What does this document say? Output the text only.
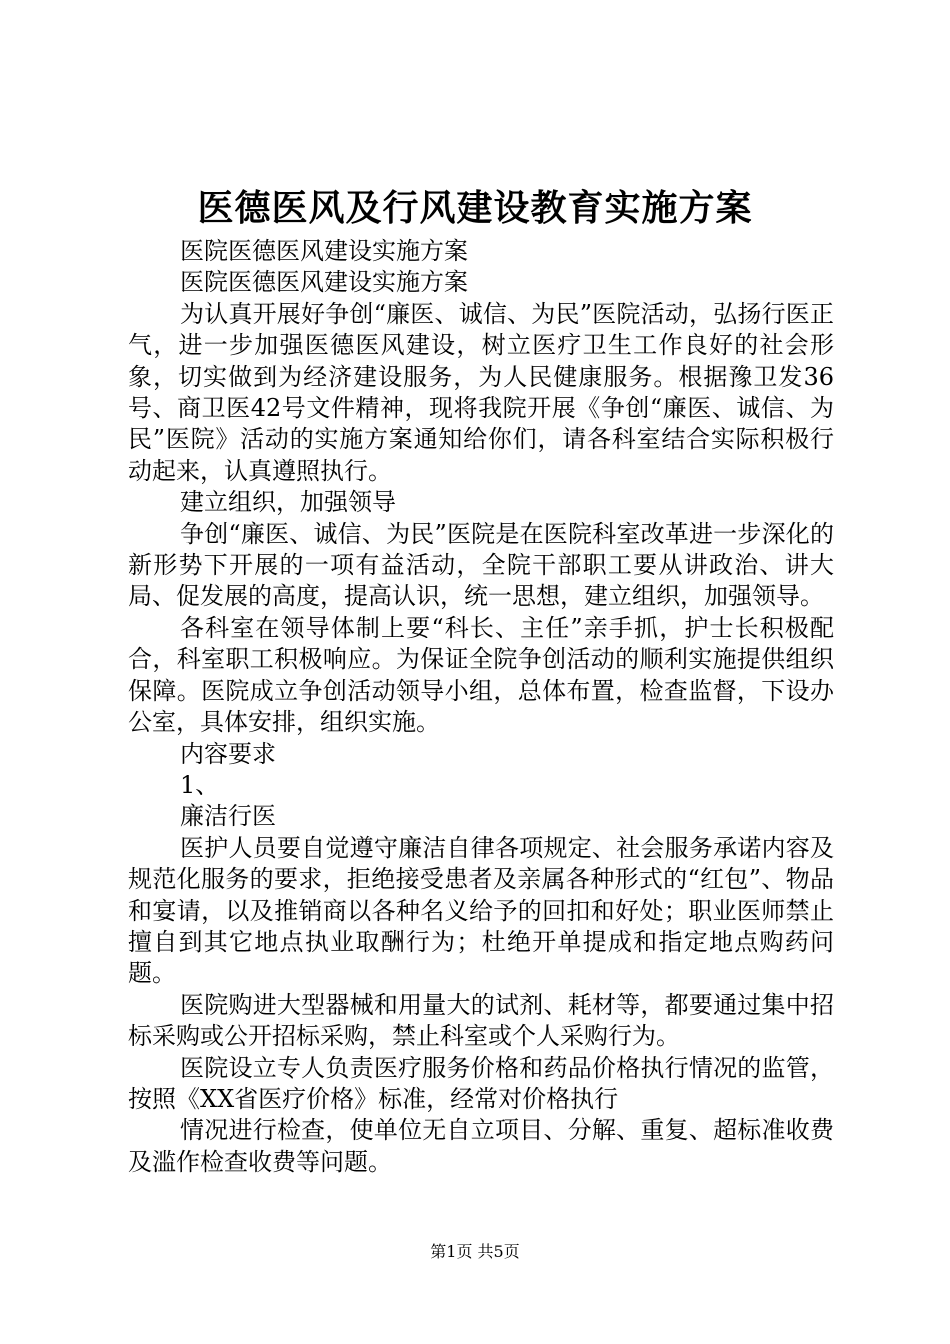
医德医风及行风建设教育实施方案

医院医德医风建设实施方案

医院医德医风建设实施方案

为认真开展好争创“廉医、诚信、为民”医院活动，弘扬行医正气，进一步加强医德医风建设，树立医疗卫生工作良好的社会形象，切实做到为经济建设服务，为人民健康服务。根据豫卫发36号、商卫医42号文件精神，现将我院开展《争创“廉医、诚信、为民”医院》活动的实施方案通知给你们，请各科室结合实际积极行动起来，认真遵照执行。

建立组织，加强领导

争创“廉医、诚信、为民”医院是在医院科室改革进一步深化的新形势下开展的一项有益活动，全院干部职工要从讲政治、讲大局、促发展的高度，提高认识，统一思想，建立组织，加强领导。

各科室在领导体制上要“科长、主任”亲手抓，护士长积极配合，科室职工积极响应。为保证全院争创活动的顺利实施提供组织保障。医院成立争创活动领导小组，总体布置，检查监督，下设办公室，具体安排，组织实施。

内容要求

1、

廉洁行医

医护人员要自觉遵守廉洁自律各项规定、社会服务承诺内容及规范化服务的要求，拒绝接受患者及亲属各种形式的“红包”、物品和宴请，以及推销商以各种名义给予的回扣和好处；职业医师禁止擅自到其它地点执业取酬行为；杜绝开单提成和指定地点购药问题。

医院购进大型器械和用量大的试剂、耗材等，都要通过集中招标采购或公开招标采购，禁止科室或个人采购行为。

医院设立专人负责医疗服务价格和药品价格执行情况的监管，按照《XX省医疗价格》标准，经常对价格执行

情况进行检查，使单位无自立项目、分解、重复、超标准收费及滥作检查收费等问题。

第1页 共5页
